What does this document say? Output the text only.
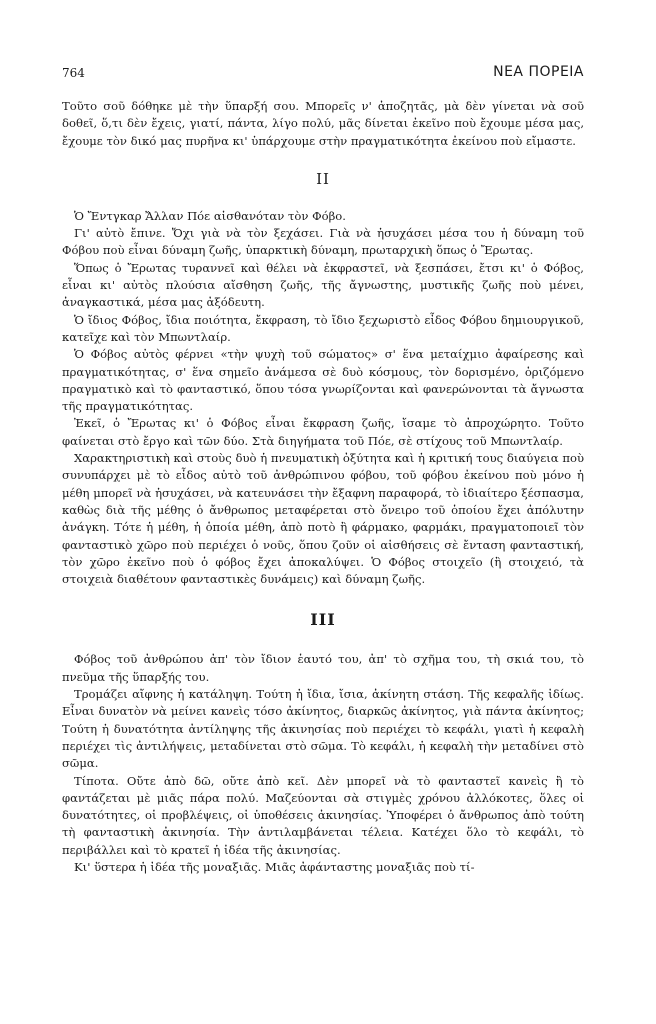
764	ΝΕΑ ΠΟΡΕΙΑ

Τοῦτο σοῦ δόθηκε μὲ τὴν ὕπαρξή σου. Μπορεῖς ν' ἀποζητᾶς, μὰ δὲν γίνεται νὰ σοῦ δοθεῖ, ὅ,τι δὲν ἔχεις, γιατί, πάντα, λίγο πολύ, μᾶς δίνεται ἐκεῖνο ποὺ ἔχουμε μέσα μας, ἔχουμε τὸν δικό μας πυρῆνα κι' ὑπάρχουμε στὴν πραγματικότητα ἐκείνου ποὺ εἴμαστε.

II

Ὁ Ἔντγκαρ Ἄλλαν Πόε αἰσθανόταν τὸν Φόβο.

Γι' αὐτὸ ἔπινε. Ὄχι γιὰ νὰ τὸν ξεχάσει. Γιὰ νὰ ἡσυχάσει μέσα του ἡ δύναμη τοῦ Φόβου ποὺ εἶναι δύναμη ζωῆς, ὑπαρκτικὴ δύναμη, πρωταρχικὴ ὅπως ὁ Ἔρωτας.

Ὅπως ὁ Ἔρωτας τυραννεῖ καὶ θέλει νὰ ἐκφραστεῖ, νὰ ξεσπάσει, ἔτσι κι' ὁ Φόβος, εἶναι κι' αὐτὸς πλούσια αἴσθηση ζωῆς, τῆς ἄγνωστης, μυστικῆς ζωῆς ποὺ μένει, ἀναγκαστικά, μέσα μας ἀξόδευτη.

Ὁ ἴδιος Φόβος, ἴδια ποιότητα, ἔκφραση, τὸ ἴδιο ξεχωριστὸ εἶδος Φόβου δημιουργικοῦ, κατεῖχε καὶ τὸν Μπωντλαίρ.

Ὁ Φόβος αὐτὸς φέρνει «τὴν ψυχὴ τοῦ σώματος» σ' ἕνα μεταίχμιο ἀφαίρεσης καὶ πραγματικότητας, σ' ἕνα σημεῖο ἀνάμεσα σὲ δυὸ κόσμους, τὸν δορισμένο, ὁριζόμενο πραγματικὸ καὶ τὸ φανταστικό, ὅπου τόσα γνωρίζονται καὶ φανερώνονται τὰ ἄγνωστα τῆς πραγματικότητας.

Ἐκεῖ, ὁ Ἔρωτας κι' ὁ Φόβος εἶναι ἔκφραση ζωῆς, ἴσαμε τὸ ἀπροχώρητο. Τοῦτο φαίνεται στὸ ἔργο καὶ τῶν δύο. Στὰ διηγήματα τοῦ Πόε, σὲ στίχους τοῦ Μπωντλαίρ.

Χαρακτηριστικὴ καὶ στοὺς δυὸ ἡ πνευματικὴ ὀξύτητα καὶ ἡ κριτική τους διαύγεια ποὺ συνυπάρχει μὲ τὸ εἶδος αὐτὸ τοῦ ἀνθρώπινου φόβου, τοῦ φόβου ἐκείνου ποὺ μόνο ἡ μέθη μπορεῖ νὰ ἡσυχάσει, νὰ κατευνάσει τὴν ἔξαφνη παραφορά, τὸ ἰδιαίτερο ξέσπασμα, καθὼς διὰ τῆς μέθης ὁ ἄνθρωπος μεταφέρεται στὸ ὄνειρο τοῦ ὁποίου ἔχει ἀπόλυτην ἀνάγκη. Τότε ἡ μέθη, ἡ ὁποία μέθη, ἀπὸ ποτὸ ἢ φάρμακο, φαρμάκι, πραγματοποιεῖ τὸν φανταστικὸ χῶρο ποὺ περιέχει ὁ νοῦς, ὅπου ζοῦν οἱ αἰσθήσεις σὲ ἔνταση φανταστική, τὸν χῶρο ἐκεῖνο ποὺ ὁ φόβος ἔχει ἀποκαλύψει. Ὁ Φόβος στοιχεῖο (ἢ στοιχειό, τὰ στοιχειὰ διαθέτουν φανταστικὲς δυνάμεις) καὶ δύναμη ζωῆς.

III

Φόβος τοῦ ἀνθρώπου ἀπ' τὸν ἴδιον ἑαυτό του, ἀπ' τὸ σχῆμα του, τὴ σκιά του, τὸ πνεῦμα τῆς ὕπαρξής του.

Τρομάζει αἴφνης ἡ κατάληψη. Τούτη ἡ ἴδια, ἴσια, ἀκίνητη στάση. Τῆς κεφαλῆς ἰδίως. Εἶναι δυνατὸν νὰ μείνει κανεὶς τόσο ἀκίνητος, διαρκῶς ἀκίνητος, γιὰ πάντα ἀκίνητος; Τούτη ἡ δυνατότητα ἀντίληψης τῆς ἀκινησίας ποὺ περιέχει τὸ κεφάλι, γιατὶ ἡ κεφαλὴ περιέχει τὶς ἀντιλήψεις, μεταδίνεται στὸ σῶμα. Τὸ κεφάλι, ἡ κεφαλὴ τὴν μεταδίνει στὸ σῶμα.

Τίποτα. Οὔτε ἀπὸ δῶ, οὔτε ἀπὸ κεῖ. Δὲν μπορεῖ νὰ τὸ φανταστεῖ κανεὶς ἢ τὸ φαντάζεται μὲ μιᾶς πάρα πολύ. Μαζεύονται σὰ στιγμὲς χρόνου ἀλλόκοτες, ὅλες οἱ δυνατότητες, οἱ προβλέψεις, οἱ ὑποθέσεις ἀκινησίας. Ὑποφέρει ὁ ἄνθρωπος ἀπὸ τούτη τὴ φανταστικὴ ἀκινησία. Τὴν ἀντιλαμβάνεται τέλεια. Κατέχει ὅλο τὸ κεφάλι, τὸ περιβάλλει καὶ τὸ κρατεῖ ἡ ἰδέα τῆς ἀκινησίας.

Κι' ὕστερα ἡ ἰδέα τῆς μοναξιᾶς. Μιᾶς ἀφάνταστης μοναξιᾶς ποὺ τί-
